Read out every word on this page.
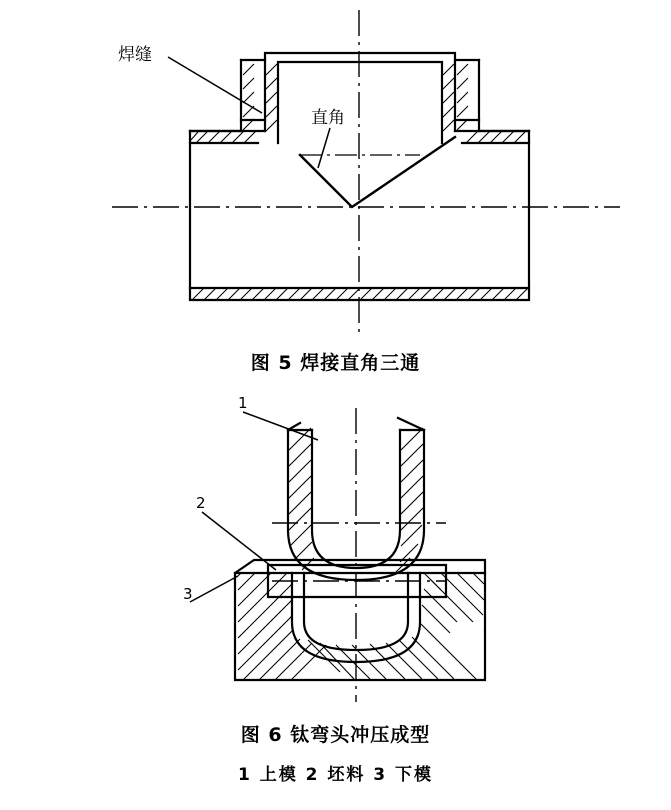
焊缝
直角
图 5 焊接直角三通
1
2
3
图 6 钛弯头冲压成型
1 上模 2 坯料 3 下模
